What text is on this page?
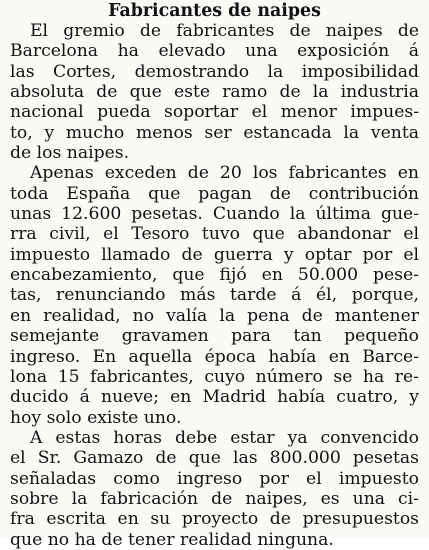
Fabricantes de naipes
El gremio de fabricantes de naipes de
Barcelona ha elevado una exposición á
las Cortes, demostrando la imposibilidad
absoluta de que este ramo de la industria
nacional pueda soportar el menor impues-
to, y mucho menos ser estancada la venta
de los naipes.
Apenas exceden de 20 los fabricantes en
toda España que pagan de contribución
unas 12.600 pesetas. Cuando la última gue-
rra civil, el Tesoro tuvo que abandonar el
impuesto llamado de guerra y optar por el
encabezamiento, que fijó en 50.000 pese-
tas, renunciando más tarde á él, porque,
en realidad, no valía la pena de mantener
semejante gravamen para tan pequeño
ingreso. En aquella época había en Barce-
lona 15 fabricantes, cuyo número se ha re-
ducido á nueve; en Madrid había cuatro, y
hoy solo existe uno.
A estas horas debe estar ya convencido
el Sr. Gamazo de que las 800.000 pesetas
señaladas como ingreso por el impuesto
sobre la fabricación de naipes, es una ci-
fra escrita en su proyecto de presupuestos
que no ha de tener realidad ninguna.
